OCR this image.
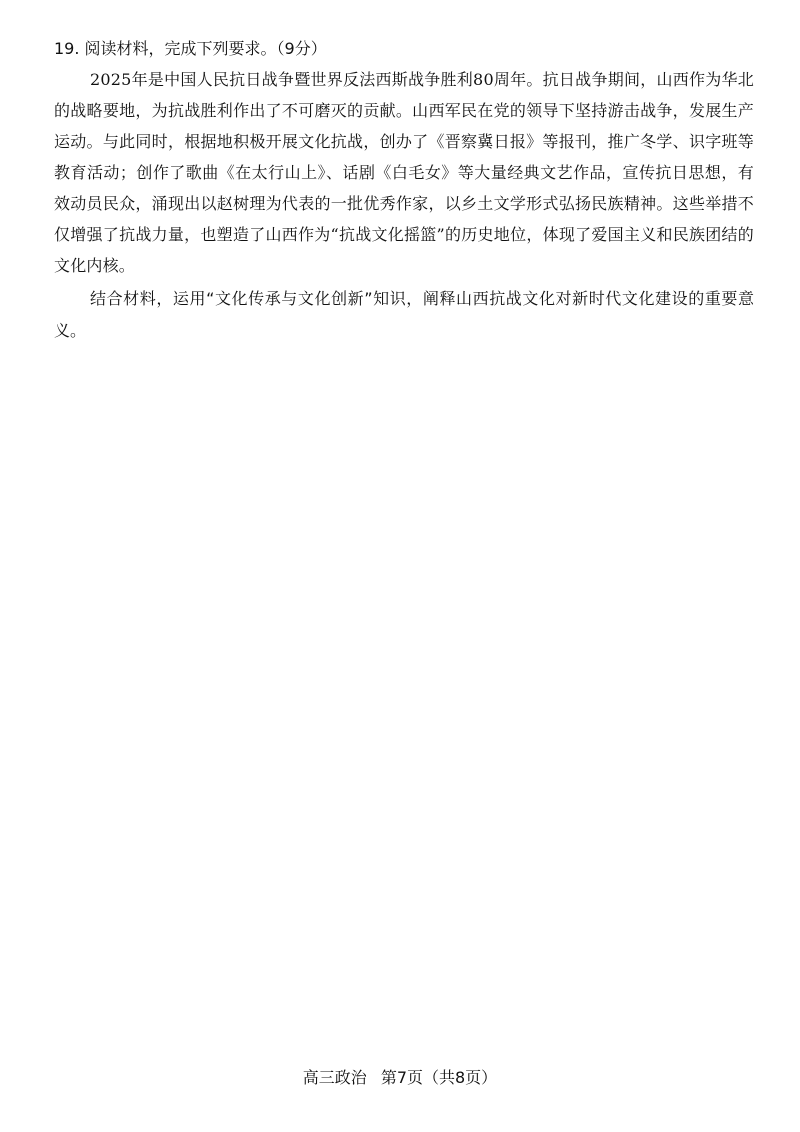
19. 阅读材料，完成下列要求。（9分）

2025年是中国人民抗日战争暨世界反法西斯战争胜利80周年。抗日战争期间，山西作为华北的战略要地，为抗战胜利作出了不可磨灭的贡献。山西军民在党的领导下坚持游击战争，发展生产运动。与此同时，根据地积极开展文化抗战，创办了《晋察冀日报》等报刊，推广冬学、识字班等教育活动；创作了歌曲《在太行山上》、话剧《白毛女》等大量经典文艺作品，宣传抗日思想，有效动员民众，涌现出以赵树理为代表的一批优秀作家，以乡土文学形式弘扬民族精神。这些举措不仅增强了抗战力量，也塑造了山西作为“抗战文化摇篮”的历史地位，体现了爱国主义和民族团结的文化内核。

结合材料，运用“文化传承与文化创新”知识，阐释山西抗战文化对新时代文化建设的重要意义。

高三政治 第7页（共8页）
